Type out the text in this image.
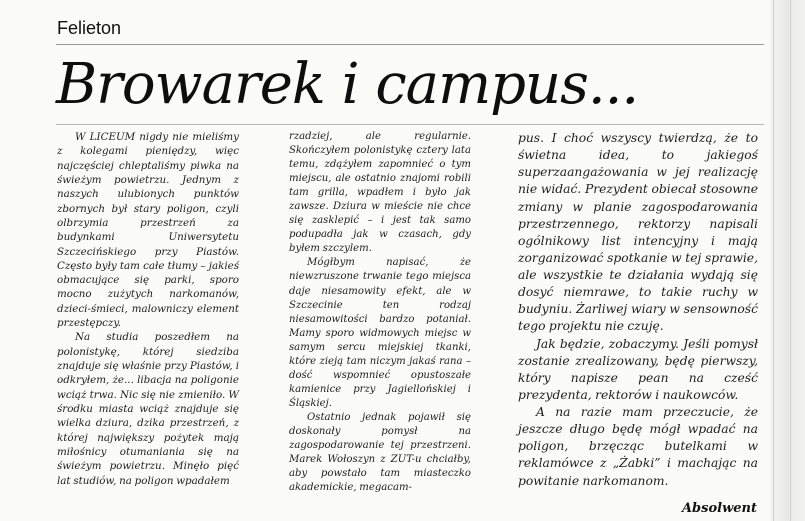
Felieton
Browarek i campus...

W LICEUM nigdy nie mieliśmy z kolegami pieniędzy, więc najczęściej chleptaliśmy piwka na świeżym powietrzu. Jednym z naszych ulubionych punktów zbornych był stary poligon, czyli olbrzymia przestrzeń za budynkami Uniwersytetu Szczecińskiego przy Piastów. Często były tam całe tłumy – jakieś obmacujące się parki, sporo mocno zużytych narkomanów, dzieci-śmieci, malowniczy element przestępczy.

Na studia poszedłem na polonistykę, której siedziba znajduje się właśnie przy Piastów, i odkryłem, że... libacja na poligonie wciąż trwa. Nic się nie zmieniło. W środku miasta wciąż znajduje się wielka dziura, dzika przestrzeń, z której największy pożytek mają miłośnicy otumaniania się na świeżym powietrzu. Minęło pięć lat studiów, na poligon wpadałem

rzadziej, ale regularnie. Skończyłem polonistykę cztery lata temu, zdążyłem zapomnieć o tym miejscu, ale ostatnio znajomi robili tam grilla, wpadłem i było jak zawsze. Dziura w mieście nie chce się zasklepić – i jest tak samo podupadła jak w czasach, gdy byłem szczylem.

Mógłbym napisać, że niewzruszone trwanie tego miejsca daje niesamowity efekt, ale w Szczecinie ten rodzaj niesamowitości bardzo potaniał. Mamy sporo widmowych miejsc w samym sercu miejskiej tkanki, które zieją tam niczym jakaś rana – dość wspomnieć opustoszałe kamienice przy Jagiellońskiej i Śląskiej.

Ostatnio jednak pojawił się doskonały pomysł na zagospodarowanie tej przestrzeni. Marek Wołoszyn z ZUT-u chciałby, aby powstało tam miasteczko akademickie, megacam-

pus. I choć wszyscy twierdzą, że to świetna idea, to jakiegoś superzaangażowania w jej realizację nie widać. Prezydent obiecał stosowne zmiany w planie zagospodarowania przestrzennego, rektorzy napisali ogólnikowy list intencyjny i mają zorganizować spotkanie w tej sprawie, ale wszystkie te działania wydają się dosyć niemrawe, to takie ruchy w budyniu. Żarliwej wiary w sensowność tego projektu nie czuję.

Jak będzie, zobaczymy. Jeśli pomysł zostanie zrealizowany, będę pierwszy, który napisze pean na cześć prezydenta, rektorów i naukowców.

A na razie mam przeczucie, że jeszcze długo będę mógł wpadać na poligon, brzęcząc butelkami w reklamówce z „Żabki” i machając na powitanie narkomanom.

Absolwent
